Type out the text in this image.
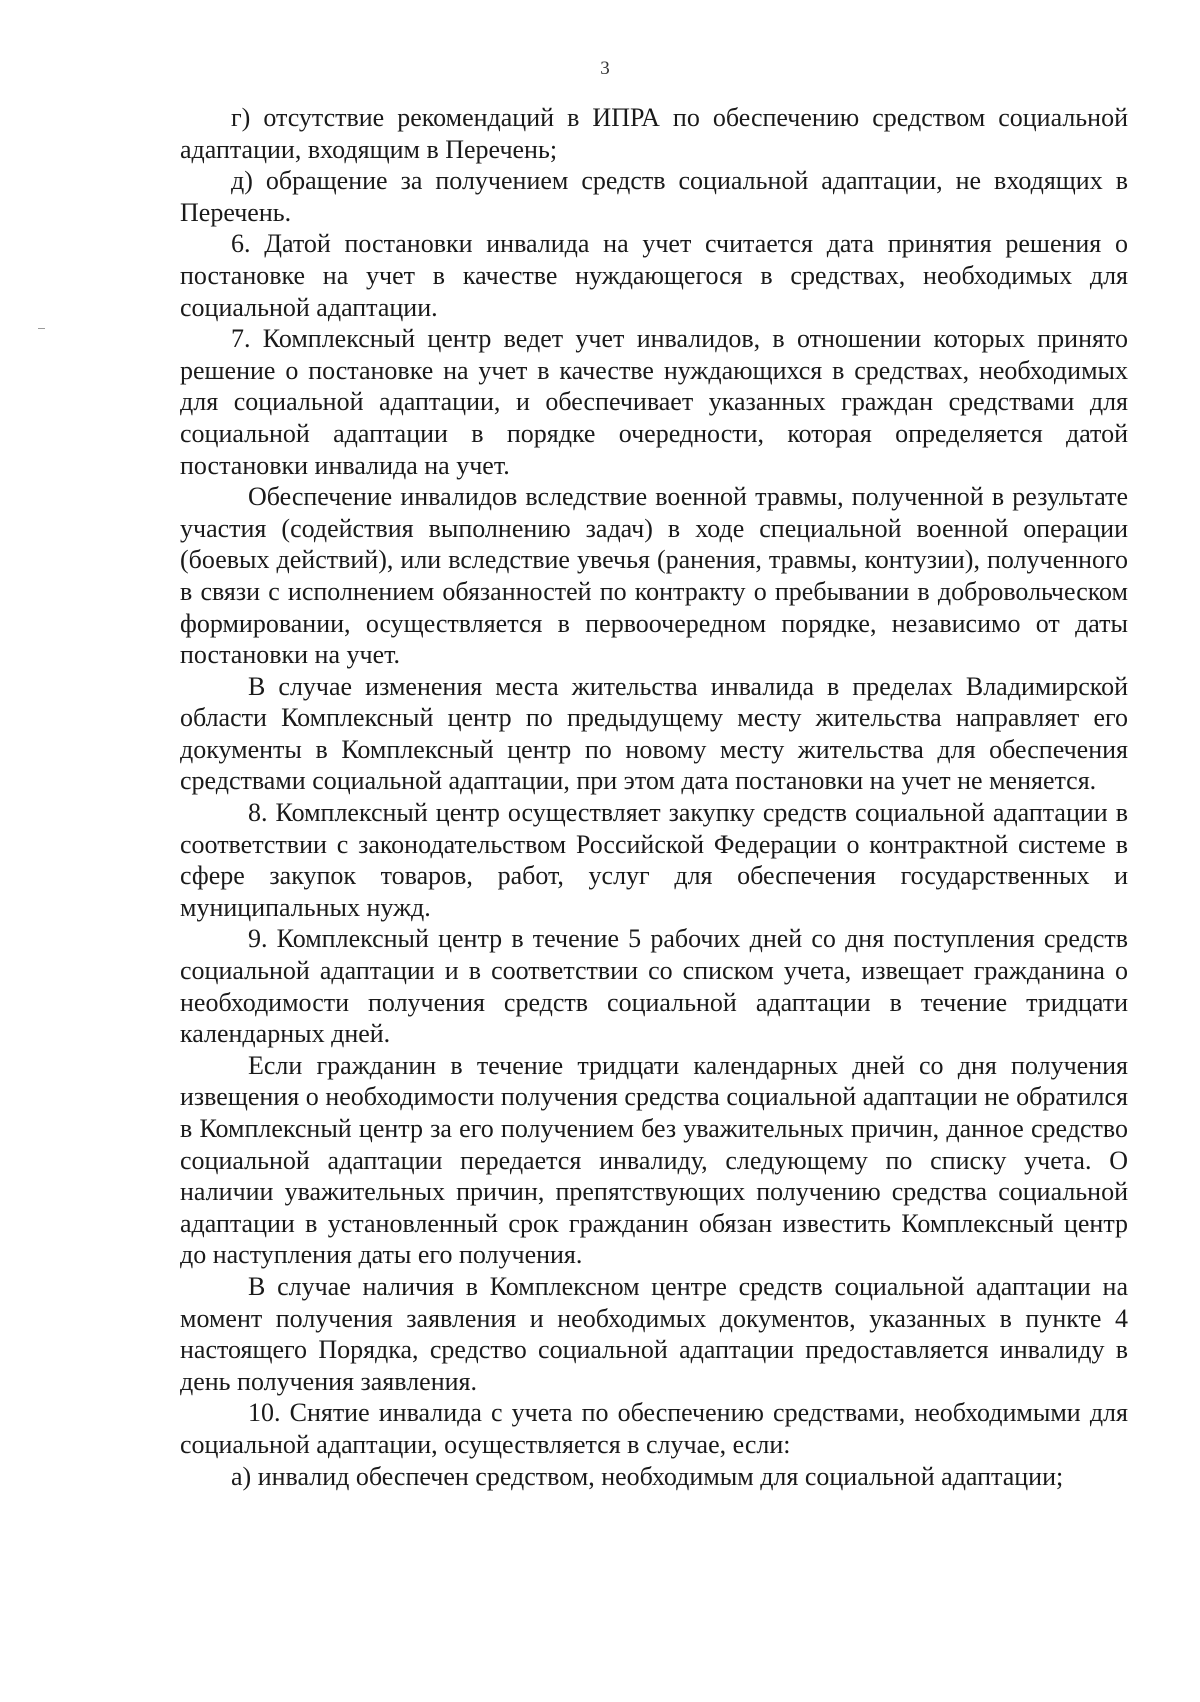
3

г) отсутствие рекомендаций в ИПРА по обеспечению средством социальной адаптации, входящим в Перечень;

д) обращение за получением средств социальной адаптации, не входящих в Перечень.

6. Датой постановки инвалида на учет считается дата принятия решения о постановке на учет в качестве нуждающегося в средствах, необходимых для социальной адаптации.

7. Комплексный центр ведет учет инвалидов, в отношении которых принято решение о постановке на учет в качестве нуждающихся в средствах, необходимых для социальной адаптации, и обеспечивает указанных граждан средствами для социальной адаптации в порядке очередности, которая определяется датой постановки инвалида на учет.

Обеспечение инвалидов вследствие военной травмы, полученной в результате участия (содействия выполнению задач) в ходе специальной военной операции (боевых действий), или вследствие увечья (ранения, травмы, контузии), полученного в связи с исполнением обязанностей по контракту о пребывании в добровольческом формировании, осуществляется в первоочередном порядке, независимо от даты постановки на учет.

В случае изменения места жительства инвалида в пределах Владимирской области Комплексный центр по предыдущему месту жительства направляет его документы в Комплексный центр по новому месту жительства для обеспечения средствами социальной адаптации, при этом дата постановки на учет не меняется.

8. Комплексный центр осуществляет закупку средств социальной адаптации в соответствии с законодательством Российской Федерации о контрактной системе в сфере закупок товаров, работ, услуг для обеспечения государственных и муниципальных нужд.

9. Комплексный центр в течение 5 рабочих дней со дня поступления средств социальной адаптации и в соответствии со списком учета, извещает гражданина о необходимости получения средств социальной адаптации в течение тридцати календарных дней.

Если гражданин в течение тридцати календарных дней со дня получения извещения о необходимости получения средства социальной адаптации не обратился в Комплексный центр за его получением без уважительных причин, данное средство социальной адаптации передается инвалиду, следующему по списку учета. О наличии уважительных причин, препятствующих получению средства социальной адаптации в установленный срок гражданин обязан известить Комплексный центр до наступления даты его получения.

В случае наличия в Комплексном центре средств социальной адаптации на момент получения заявления и необходимых документов, указанных в пункте 4 настоящего Порядка, средство социальной адаптации предоставляется инвалиду в день получения заявления.

10. Снятие инвалида с учета по обеспечению средствами, необходимыми для социальной адаптации, осуществляется в случае, если:

а) инвалид обеспечен средством, необходимым для социальной адаптации;
